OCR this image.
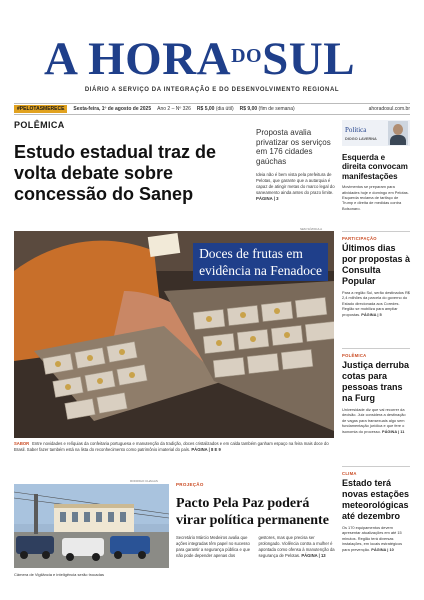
A $HORA^{DO}SUL$
DIÁRIO A SERVIÇO DA INTEGRAÇÃO E DO DESENVOLVIMENTO REGIONAL
#PELOTASMERECE	Sexta-feira, 1º de agosto de 2025 Ano 2 – Nº 326 R$ 5,00 (dia útil) R$ 9,00 (fim de semana)	ahoradosul.com.br
POLÊMICA
Estudo estadual traz de volta debate sobre concessão do Sanep
Proposta avalia privatizar os serviços em 176 cidades gaúchas
Ideia não é bem vista pela prefeitura de Pelotas, que garante que a autarquia é capaz de atingir metas do marco legal do saneamento ainda antes do prazo limite. PÁGINA | 3
Política
DIOGO LAVERNA
Esquerda e direita convocam manifestações
Movimentos se preparam para atividades hoje e domingo em Pelotas. Esquerda reclama de tarifaço de Trump e direita de medidas contra Bolsonaro.
PARTICIPAÇÃO
Últimos dias por propostas à Consulta Popular
Para a região Sul, serão destinados R$ 2,4 milhões da parcela do governo do Estado direcionada aos Coredes. Região se mobiliza para ampliar propostas. PÁGINA | 5
POLÊMICA
Justiça derruba cotas para pessoas trans na Furg
Universidade diz que vai recorrer da decisão. Juiz considera a destinação de vagas para transexuais algo sem fundamentação jurídica e que fere o isonomia do processo. PÁGINA | 11
CLIMA
Estado terá novas estações meteorológicas até dezembro
Os 170 equipamentos devem apresentar atualizações em até 15 minutos. Região terá diversas instalações, em locais estratégicos para prevenção. PÁGINA | 10
SEM SÓ/PAULA
Doces de frutas em
evidência na Fenadoce
SABOR Entre novidades e relíquias da confeitaria portuguesa e manutenção da tradição, doces cristalizados e em calda também ganham espaço na feira mais doce do Brasil. Saber fazer também está na lista do reconhecimento como patrimônio imaterial do país. PÁGINA | 8 E 9
RODRIGO CHAGAS
Câmera de Vigilância e inteligência serão trocadas
PROJEÇÃO
Pacto Pela Paz poderá virar política permanente
Secretário Márcio Medeiros avalia que ações integradas têm papel no sucesso para garantir a segurança pública e que não pode depender apenas dos gestores, mas que precisa ser prolongado. Violência contra a mulher é apontada como ofensa à manutenção da segurança de Pelotas. PÁGINA | 13
